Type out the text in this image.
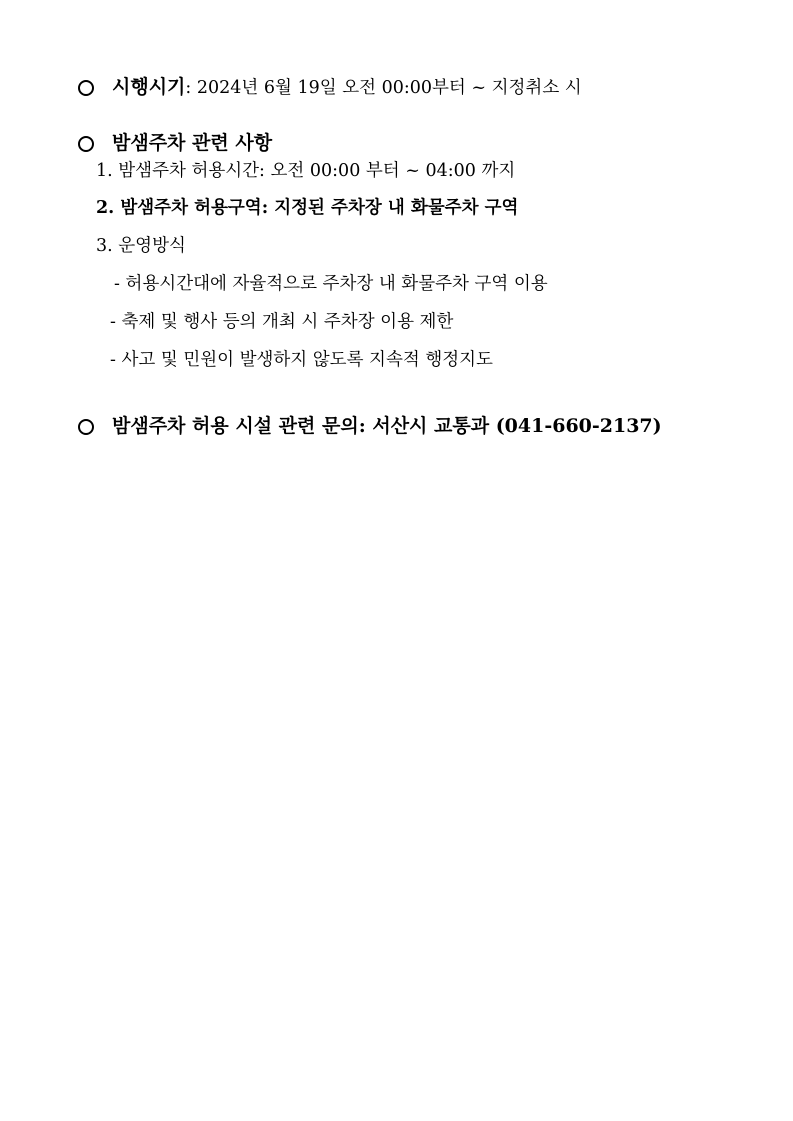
시행시기: 2024년 6월 19일 오전 00:00부터 ~ 지정취소 시
밤샘주차 관련 사항
1. 밤샘주차 허용시간: 오전 00:00 부터 ~ 04:00 까지
2. 밤샘주차 허용구역: 지정된 주차장 내 화물주차 구역
3. 운영방식
- 허용시간대에 자율적으로 주차장 내 화물주차 구역 이용
- 축제 및 행사 등의 개최 시 주차장 이용 제한
- 사고 및 민원이 발생하지 않도록 지속적 행정지도
밤샘주차 허용 시설 관련 문의: 서산시 교통과 (041-660-2137)
